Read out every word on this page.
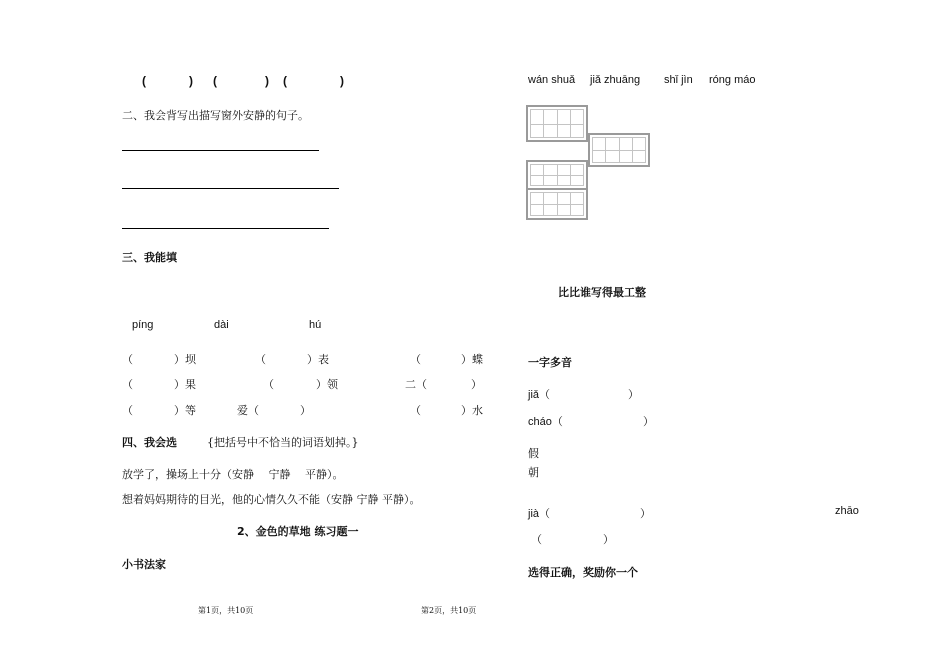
(	) (	) (	)
二、我会背写出描写窗外安静的句子。
三、我能填
píng	dài	hú
（	）坝	（	）表	（	）蝶
（	）果	（	）领	二（	）
（	）等	爱（	）	（	）水
四、我会选	{把括号中不恰当的词语划掉。}
放学了，操场上十分（安静　 宁静　 平静）。
想着妈妈期待的目光，他的心情久久不能（安静 宁静 平静）。
2、金色的草地 练习题一
小书法家
第1页，共10页
wán shuǎ jiǎ zhuāng shǐ jìn róng máo
比比谁写得最工整
一字多音
jiǎ（	）
cháo（	）
假
朝
jià（	）	zhāo
（	）
选得正确，奖励你一个
第2页，共10页
